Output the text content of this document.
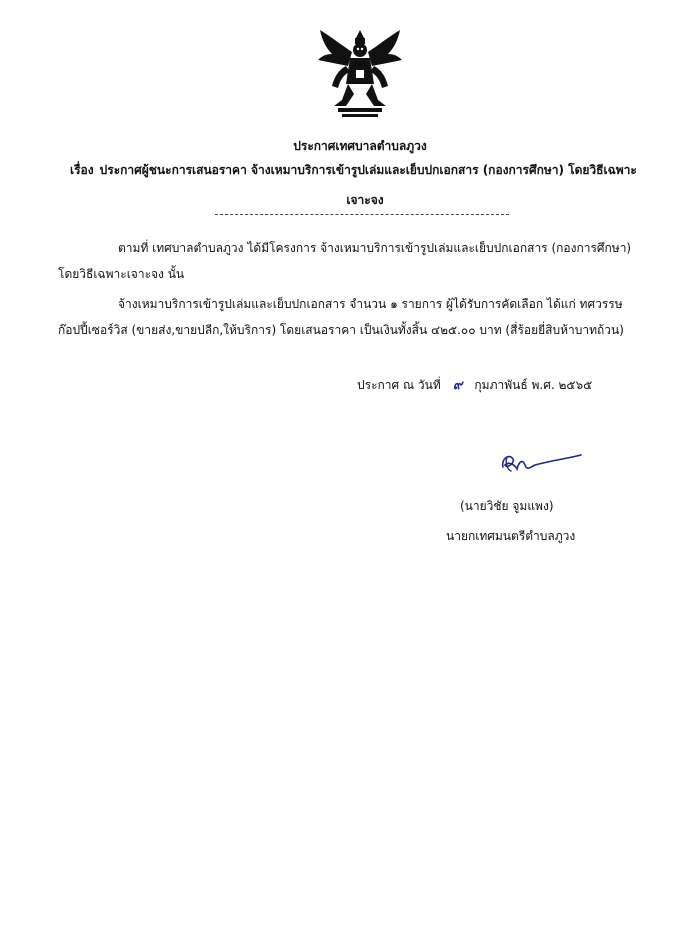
ประกาศเทศบาลตำบลภูวง
เรื่อง ประกาศผู้ชนะการเสนอราคา จ้างเหมาบริการเข้ารูปเล่มและเย็บปกเอกสาร (กองการศึกษา) โดยวิธีเฉพาะ
เจาะจง
ตามที่ เทศบาลตำบลภูวง ได้มีโครงการ จ้างเหมาบริการเข้ารูปเล่มและเย็บปกเอกสาร (กองการศึกษา)
โดยวิธีเฉพาะเจาะจง นั้น
จ้างเหมาบริการเข้ารูปเล่มและเย็บปกเอกสาร จำนวน ๑ รายการ ผู้ได้รับการคัดเลือก ได้แก่ ทศวรรษ
ก๊อปปี้เซอร์วิส (ขายส่ง,ขายปลีก,ให้บริการ) โดยเสนอราคา เป็นเงินทั้งสิ้น ๔๒๕.๐๐ บาท (สี่ร้อยยี่สิบห้าบาทถ้วน)
ประกาศ ณ วันที่ ๙ กุมภาพันธ์ พ.ศ. ๒๕๖๕
(นายวิชัย จูมแพง)
นายกเทศมนตรีตำบลภูวง
